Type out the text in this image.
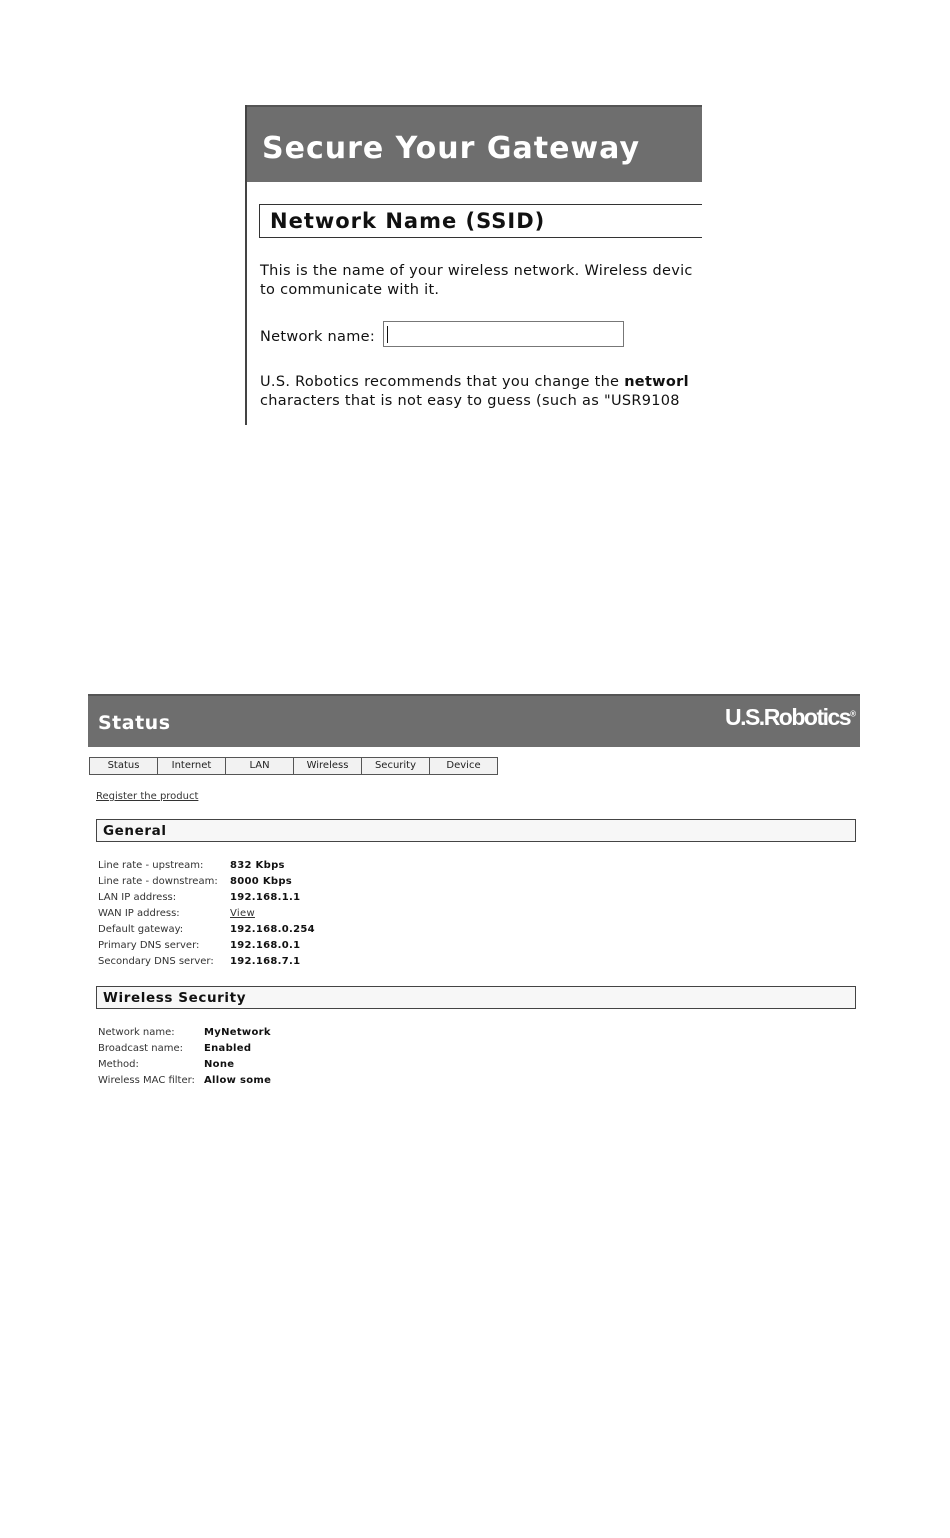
Secure Your Gateway
Network Name (SSID)
This is the name of your wireless network. Wireless devic
to communicate with it.
Network name:
U.S. Robotics recommends that you change the networl
characters that is not easy to guess (such as "USR9108
Status	U.S.Robotics®
Status	Internet	LAN	Wireless	Security	Device
Register the product
General
Line rate - upstream:	832 Kbps
Line rate - downstream: 8000 Kbps
LAN IP address:	192.168.1.1
WAN IP address:	View
Default gateway:	192.168.0.254
Primary DNS server:	192.168.0.1
Secondary DNS server: 192.168.7.1
Wireless Security
Network name:	MyNetwork
Broadcast name: Enabled
Method:	None
Wireless MAC filter: Allow some
